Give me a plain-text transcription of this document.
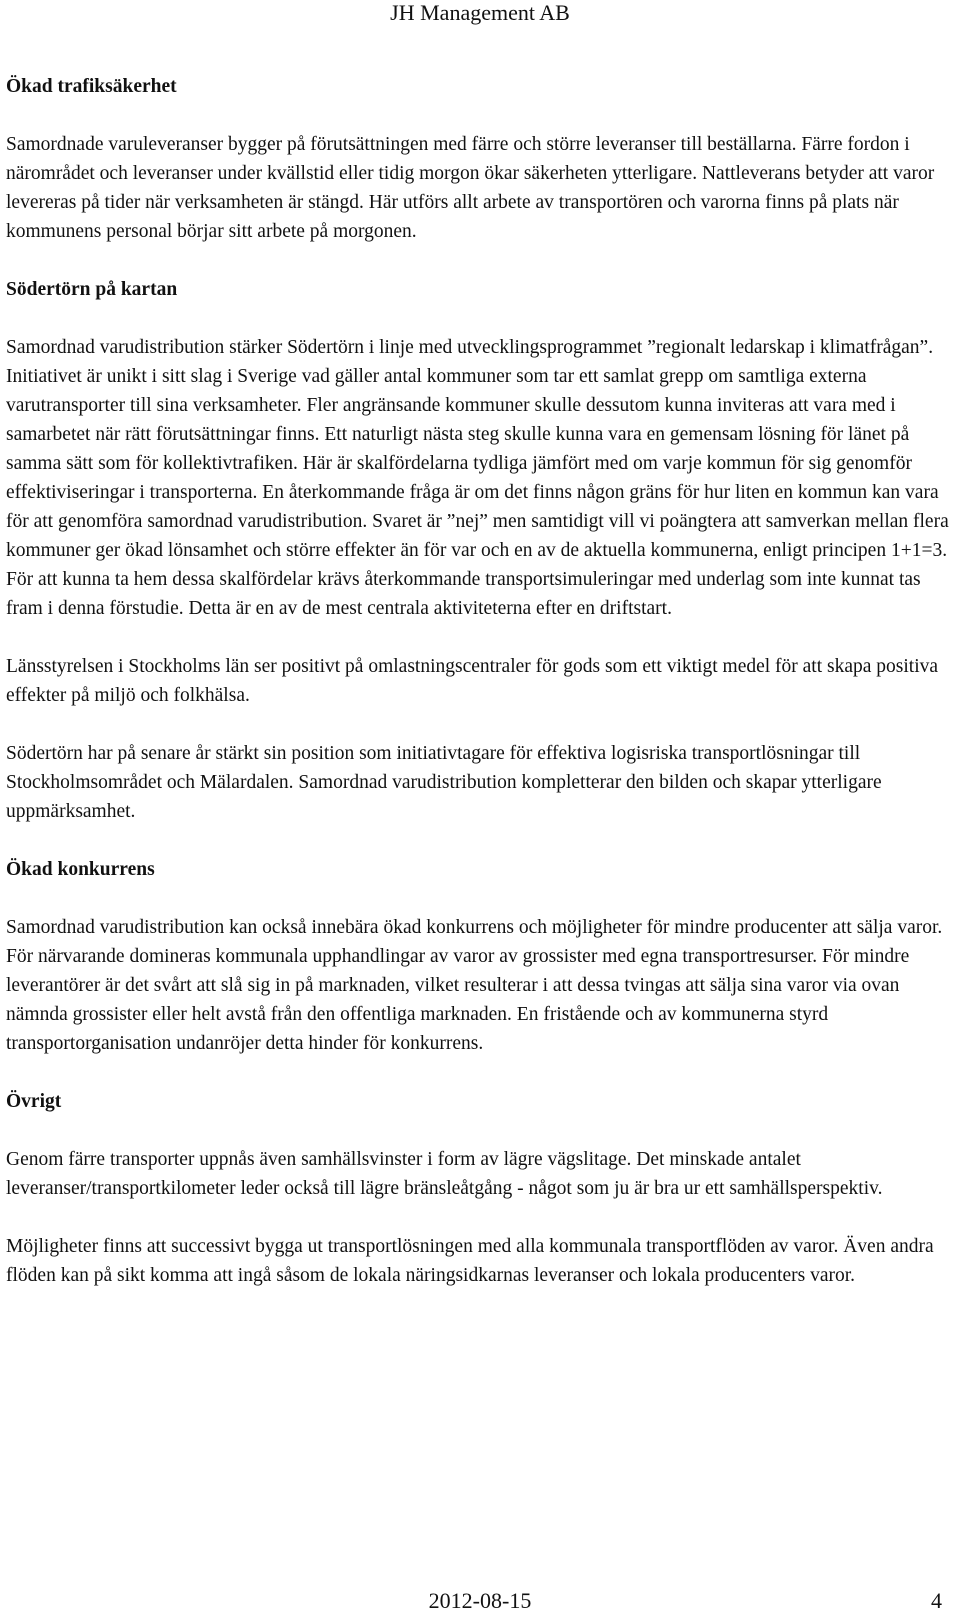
JH Management AB
Ökad trafiksäkerhet

Samordnade varuleveranser bygger på förutsättningen med färre och större leveranser till beställarna. Färre fordon i närområdet och leveranser under kvällstid eller tidig morgon ökar säkerheten ytterligare. Nattleverans betyder att varor levereras på tider när verksamheten är stängd. Här utförs allt arbete av transportören och varorna finns på plats när kommunens personal börjar sitt arbete på morgonen.

Södertörn på kartan

Samordnad varudistribution stärker Södertörn i linje med utvecklingsprogrammet ”regionalt ledarskap i klimatfrågan”. Initiativet är unikt i sitt slag i Sverige vad gäller antal kommuner som tar ett samlat grepp om samtliga externa varutransporter till sina verksamheter. Fler angränsande kommuner skulle dessutom kunna inviteras att vara med i samarbetet när rätt förutsättningar finns. Ett naturligt nästa steg skulle kunna vara en gemensam lösning för länet på samma sätt som för kollektivtrafiken. Här är skalfördelarna tydliga jämfört med om varje kommun för sig genomför effektiviseringar i transporterna. En återkommande fråga är om det finns någon gräns för hur liten en kommun kan vara för att genomföra samordnad varudistribution. Svaret är ”nej” men samtidigt vill vi poängtera att samverkan mellan flera kommuner ger ökad lönsamhet och större effekter än för var och en av de aktuella kommunerna, enligt principen 1+1=3. För att kunna ta hem dessa skalfördelar krävs återkommande transportsimuleringar med underlag som inte kunnat tas fram i denna förstudie. Detta är en av de mest centrala aktiviteterna efter en driftstart.

Länsstyrelsen i Stockholms län ser positivt på omlastningscentraler för gods som ett viktigt medel för att skapa positiva effekter på miljö och folkhälsa.

Södertörn har på senare år stärkt sin position som initiativtagare för effektiva logisriska transportlösningar till Stockholmsområdet och Mälardalen. Samordnad varudistribution kompletterar den bilden och skapar ytterligare uppmärksamhet.

Ökad konkurrens

Samordnad varudistribution kan också innebära ökad konkurrens och möjligheter för mindre producenter att sälja varor. För närvarande domineras kommunala upphandlingar av varor av grossister med egna transportresurser. För mindre leverantörer är det svårt att slå sig in på marknaden, vilket resulterar i att dessa tvingas att sälja sina varor via ovan nämnda grossister eller helt avstå från den offentliga marknaden. En fristående och av kommunerna styrd transportorganisation undanröjer detta hinder för konkurrens.

Övrigt

Genom färre transporter uppnås även samhällsvinster i form av lägre vägslitage. Det minskade antalet leveranser/transportkilometer leder också till lägre bränsleåtgång - något som ju är bra ur ett samhällsperspektiv.

Möjligheter finns att successivt bygga ut transportlösningen med alla kommunala transportflöden av varor. Även andra flöden kan på sikt komma att ingå såsom de lokala näringsidkarnas leveranser och lokala producenters varor.

2012-08-15	4
